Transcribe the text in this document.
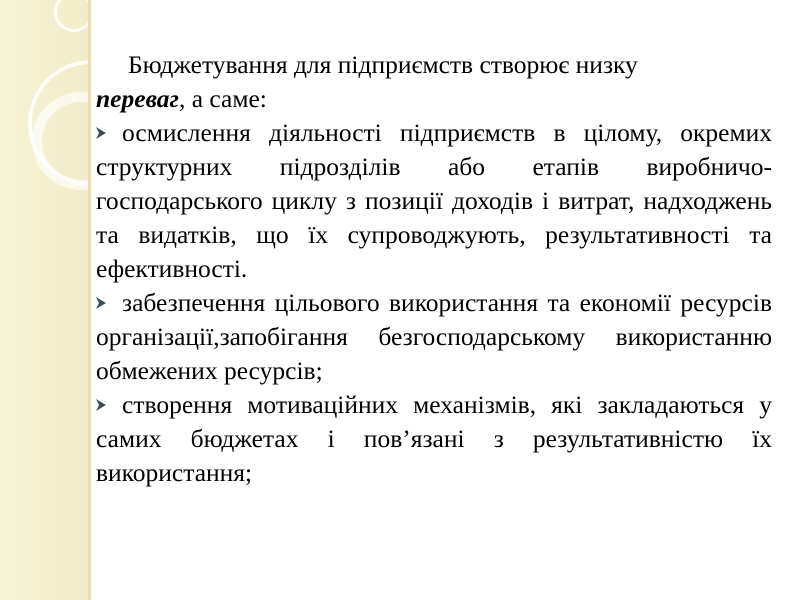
Бюджетування для підприємств створює низку
переваг, а саме:

осмислення діяльності підприємств в цілому, окремих структурних підрозділів або етапів виробничо-господарського циклу з позиції доходів і витрат, надходжень та видатків, що їх супроводжують, результативності та ефективності.

забезпечення цільового використання та економії ресурсів організації,запобігання безгосподарському використанню обмежених ресурсів;

створення мотиваційних механізмів, які закладаються у самих бюджетах і пов’язані з результативністю їх використання;
